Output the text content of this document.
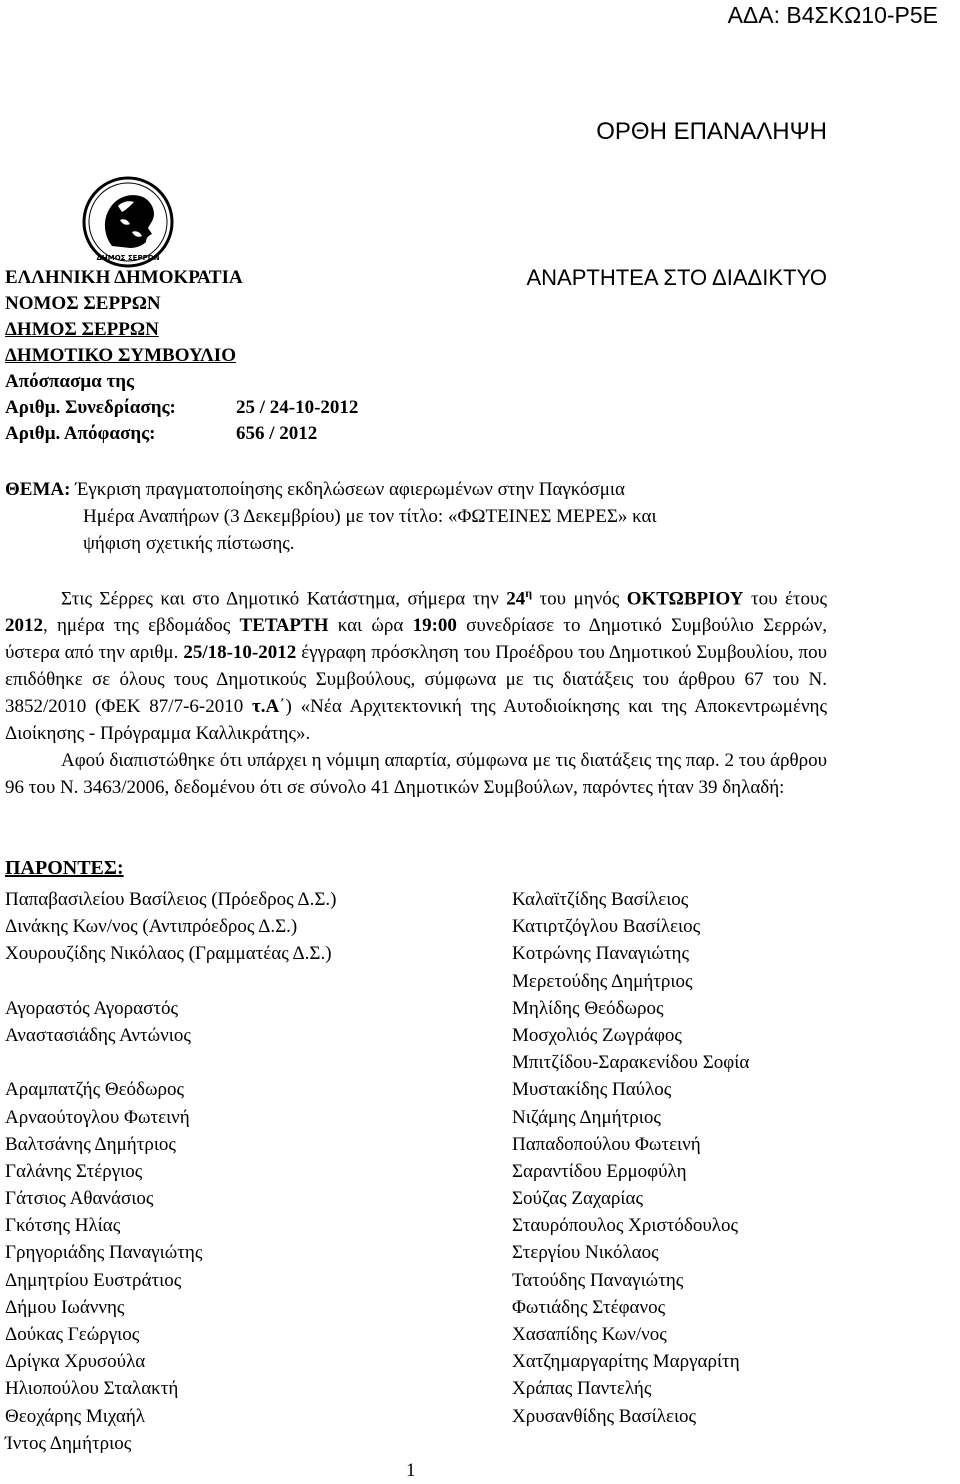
ΑΔΑ: Β4ΣΚΩ10-Ρ5Ε
ΟΡΘΗ ΕΠΑΝΑΛΗΨΗ
ΔΗΜΟΣ ΣΕΡΡΩΝ
ΑΝΑΡΤΗΤΕΑ ΣΤΟ ΔΙΑΔΙΚΤΥΟ
ΕΛΛΗΝΙΚΗ ΔΗΜΟΚΡΑΤΙΑ
ΝΟΜΟΣ ΣΕΡΡΩΝ
ΔΗΜΟΣ ΣΕΡΡΩΝ
ΔΗΜΟΤΙΚΟ ΣΥΜΒΟΥΛΙΟ
Απόσπασμα της
Αριθμ. Συνεδρίασης:	25 / 24-10-2012
Αριθμ. Απόφασης:	656 / 2012
ΘΕΜΑ: Έγκριση πραγματοποίησης εκδηλώσεων αφιερωμένων στην Παγκόσμια
Ημέρα Αναπήρων (3 Δεκεμβρίου) με τον τίτλο: «ΦΩΤΕΙΝΕΣ ΜΕΡΕΣ» και
ψήφιση σχετικής πίστωσης.

Στις Σέρρες και στο Δημοτικό Κατάστημα, σήμερα την $24^\eta$ του μηνός ΟΚΤΩΒΡΙΟΥ του έτους 2012, ημέρα της εβδομάδος ΤΕΤΑΡΤΗ και ώρα 19:00 συνεδρίασε το Δημοτικό Συμβούλιο Σερρών, ύστερα από την αριθμ. 25/18-10-2012 έγγραφη πρόσκληση του Προέδρου του Δημοτικού Συμβουλίου, που επιδόθηκε σε όλους τους Δημοτικούς Συμβούλους, σύμφωνα με τις διατάξεις του άρθρου 67 του Ν. 3852/2010 (ΦΕΚ 87/7-6-2010 τ.Α΄) «Νέα Αρχιτεκτονική της Αυτοδιοίκησης και της Αποκεντρωμένης Διοίκησης - Πρόγραμμα Καλλικράτης».

Αφού διαπιστώθηκε ότι υπάρχει η νόμιμη απαρτία, σύμφωνα με τις διατάξεις της παρ. 2 του άρθρου 96 του Ν. 3463/2006, δεδομένου ότι σε σύνολο 41 Δημοτικών Συμβούλων, παρόντες ήταν 39 δηλαδή:

ΠΑΡΟΝΤΕΣ:
Παπαβασιλείου Βασίλειος (Πρόεδρος Δ.Σ.)
Δινάκης Κων/νος (Αντιπρόεδρος Δ.Σ.)
Χουρουζίδης Νικόλαος (Γραμματέας Δ.Σ.)
Αγοραστός Αγοραστός
Αναστασιάδης Αντώνιος
Αραμπατζής Θεόδωρος
Αρναούτογλου Φωτεινή
Βαλτσάνης Δημήτριος
Γαλάνης Στέργιος
Γάτσιος Αθανάσιος
Γκότσης Ηλίας
Γρηγοριάδης Παναγιώτης
Δημητρίου Ευστράτιος
Δήμου Ιωάννης
Δούκας Γεώργιος
Δρίγκα Χρυσούλα
Ηλιοπούλου Σταλακτή
Θεοχάρης Μιχαήλ
Ίντος Δημήτριος
Καλαϊτζίδης Βασίλειος
Κατιρτζόγλου Βασίλειος
Κοτρώνης Παναγιώτης
Μερετούδης Δημήτριος
Μηλίδης Θεόδωρος
Μοσχολιός Ζωγράφος
Μπιτζίδου-Σαρακενίδου Σοφία
Μυστακίδης Παύλος
Νιζάμης Δημήτριος
Παπαδοπούλου Φωτεινή
Σαραντίδου Ερμοφύλη
Σούζας Ζαχαρίας
Σταυρόπουλος Χριστόδουλος
Στεργίου Νικόλαος
Τατούδης Παναγιώτης
Φωτιάδης Στέφανος
Χασαπίδης Κων/νος
Χατζημαργαρίτης Μαργαρίτη
Χράπας Παντελής
Χρυσανθίδης Βασίλειος
1
